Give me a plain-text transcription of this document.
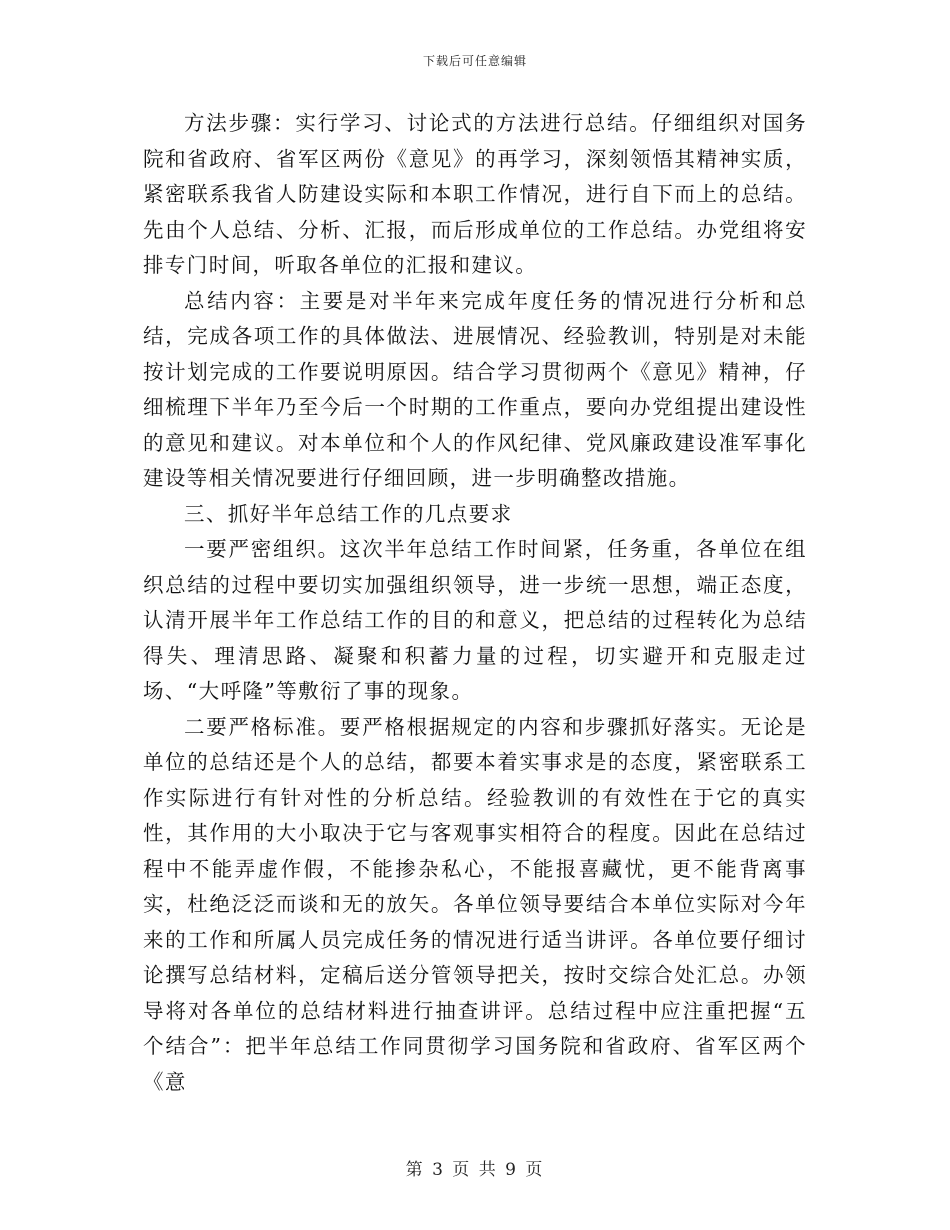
下载后可任意编辑

方法步骤：实行学习、讨论式的方法进行总结。仔细组织对国务院和省政府、省军区两份《意见》的再学习，深刻领悟其精神实质，紧密联系我省人防建设实际和本职工作情况，进行自下而上的总结。先由个人总结、分析、汇报，而后形成单位的工作总结。办党组将安排专门时间，听取各单位的汇报和建议。

总结内容：主要是对半年来完成年度任务的情况进行分析和总结，完成各项工作的具体做法、进展情况、经验教训，特别是对未能按计划完成的工作要说明原因。结合学习贯彻两个《意见》精神，仔细梳理下半年乃至今后一个时期的工作重点，要向办党组提出建设性的意见和建议。对本单位和个人的作风纪律、党风廉政建设准军事化建设等相关情况要进行仔细回顾，进一步明确整改措施。

三、抓好半年总结工作的几点要求

一要严密组织。这次半年总结工作时间紧，任务重，各单位在组织总结的过程中要切实加强组织领导，进一步统一思想，端正态度，认清开展半年工作总结工作的目的和意义，把总结的过程转化为总结得失、理清思路、凝聚和积蓄力量的过程，切实避开和克服走过场、“大呼隆”等敷衍了事的现象。

二要严格标准。要严格根据规定的内容和步骤抓好落实。无论是单位的总结还是个人的总结，都要本着实事求是的态度，紧密联系工作实际进行有针对性的分析总结。经验教训的有效性在于它的真实性，其作用的大小取决于它与客观事实相符合的程度。因此在总结过程中不能弄虚作假，不能掺杂私心，不能报喜藏忧，更不能背离事实，杜绝泛泛而谈和无的放矢。各单位领导要结合本单位实际对今年来的工作和所属人员完成任务的情况进行适当讲评。各单位要仔细讨论撰写总结材料，定稿后送分管领导把关，按时交综合处汇总。办领导将对各单位的总结材料进行抽查讲评。总结过程中应注重把握“五个结合”：把半年总结工作同贯彻学习国务院和省政府、省军区两个《意

第 3 页 共 9 页
